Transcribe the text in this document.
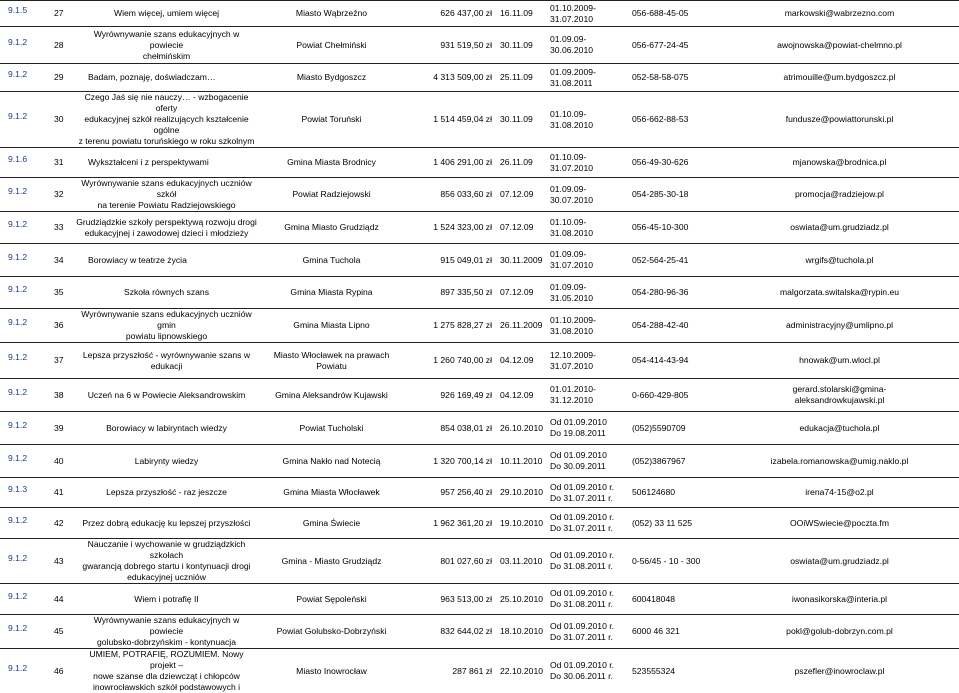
9.1.5	27	Wiem więcej, umiem więcej	Miasto Wąbrzeźno	626 437,00 zł	16.11.09	01.10.2009-
31.07.2010	056-688-45-05	markowski@wabrzezno.com

9.1.2	28	Wyrównywanie szans edukacyjnych w powiecie
chełmińskim	Powiat Chełmiński	931 519,50 zł	30.11.09	01.09.09-
30.06.2010	056-677-24-45	awojnowska@powiat-chelmno.pl

9.1.2	29	Badam, poznaję, doświadczam…	Miasto Bydgoszcz	4 313 509,00 zł	25.11.09	01.09.2009-
31.08.2011	052-58-58-075	atrimouille@um.bydgoszcz.pl

9.1.2	30	Czego Jaś się nie nauczy… - wzbogacenie oferty
edukacyjnej szkół realizujących kształcenie ogólne
z terenu powiatu toruńskiego w roku szkolnym	Powiat Toruński	1 514 459,04 zł	30.11.09	01.10.09-
31.08.2010	056-662-88-53	fundusze@powiattorunski.pl

9.1.6	31	Wykształceni i z perspektywami	Gmina Miasta Brodnicy	1 406 291,00 zł	26.11.09	01.10.09-
31.07.2010	056-49-30-626	mjanowska@brodnica.pl

9.1.2	32	Wyrównywanie szans edukacyjnych uczniów szkół
na terenie Powiatu Radziejowskiego	Powiat Radziejowski	856 033,60 zł	07.12.09	01.09.09-
30.07.2010	054-285-30-18	promocja@radziejow.pl

9.1.2	33	Grudziądzkie szkoły perspektywą rozwoju drogi
edukacyjnej i zawodowej dzieci i młodzieży	Gmina Miasto Grudziądz	1 524 323,00 zł	07.12.09	01.10.09-
31.08.2010	056-45-10-300	oswiata@um.grudziadz.pl

9.1.2	34	Borowiacy w teatrze życia	Gmina Tuchola	915 049,01 zł	30.11.2009	01.09.09-
31.07.2010	052-564-25-41	wrgifs@tuchola.pl

9.1.2	35	Szkoła równych szans	Gmina Miasta Rypina	897 335,50 zł	07.12.09	01.09.09-
31.05.2010	054-280-96-36	malgorzata.switalska@rypin.eu

9.1.2	36	Wyrównywanie szans edukacyjnych uczniów gmin
powiatu lipnowskiego	Gmina Miasta Lipno	1 275 828,27 zł	26.11.2009	01.10.2009-
31.08.2010	054-288-42-40	administracyjny@umlipno.pl

9.1.2	37	Lepsza przyszłość - wyrównywanie szans w
edukacji	Miasto Włocławek na prawach
Powiatu	1 260 740,00 zł	04.12.09	12.10.2009-
31.07.2010	054-414-43-94	hnowak@um.wlocl.pl

9.1.2	38	Uczeń na 6 w Powiecie Aleksandrowskim	Gmina Aleksandrów Kujawski	926 169,49 zł	04.12.09	01.01.2010-
31.12.2010	0-660-429-805	gerard.stolarski@gmina-
aleksandrowkujawski.pl

9.1.2	39	Borowiacy w labiryntach wiedzy	Powiat Tucholski	854 038,01 zł	26.10.2010	Od 01.09.2010
Do 19.08.2011	(052)5590709	edukacja@tuchola.pl

9.1.2	40	Labirynty wiedzy	Gmina Nakło nad Notecią	1 320 700,14 zł	10.11.2010	Od 01.09.2010
Do 30.09.2011	(052)3867967	izabela.romanowska@umig.naklo.pl

9.1.3	41	Lepsza przyszłość - raz jeszcze	Gmina Miasta Włocławek	957 256,40 zł	29.10.2010	Od 01.09.2010 r.
Do 31.07.2011 r.	506124680	irena74-15@o2.pl

9.1.2	42	Przez dobrą edukację ku lepszej przyszłości	Gmina Świecie	1 962 361,20 zł	19.10.2010	Od 01.09.2010 r.
Do 31.07.2011 r.	(052) 33 11 525	OOiWSwiecie@poczta.fm

9.1.2	43	Nauczanie i wychowanie w grudziądzkich szkołach
gwarancją dobrego startu i kontynuacji drogi
edukacyjnej uczniów	Gmina - Miasto Grudziądz	801 027,60 zł	03.11.2010	Od 01.09.2010 r.
Do 31.08.2011 r.	0-56/45 - 10 - 300	oswiata@um.grudziadz.pl

9.1.2	44	Wiem i potrafię II	Powiat Sępoleński	963 513,00 zł	25.10.2010	Od 01.09.2010 r.
Do 31.08.2011 r.	600418048	iwonasikorska@interia.pl

9.1.2	45	Wyrównywanie szans edukacyjnych w powiecie
golubsko-dobrzyńskim - kontynuacja	Powiat Golubsko-Dobrzyński	832 644,02 zł	18.10.2010	Od 01.09.2010 r.
Do 31.07.2011 r.	6000 46 321	pokl@golub-dobrzyn.com.pl

9.1.2	46	UMIEM, POTRAFIĘ, ROZUMIEM. Nowy projekt –
nowe szanse dla dziewcząt i chłopców
inowrocławskich szkół podstawowych i	Miasto Inowrocław	287 861 zł	22.10.2010	Od 01.09.2010 r.
Do 30.06.2011 r.	523555324	pszefler@inowroclaw.pl
